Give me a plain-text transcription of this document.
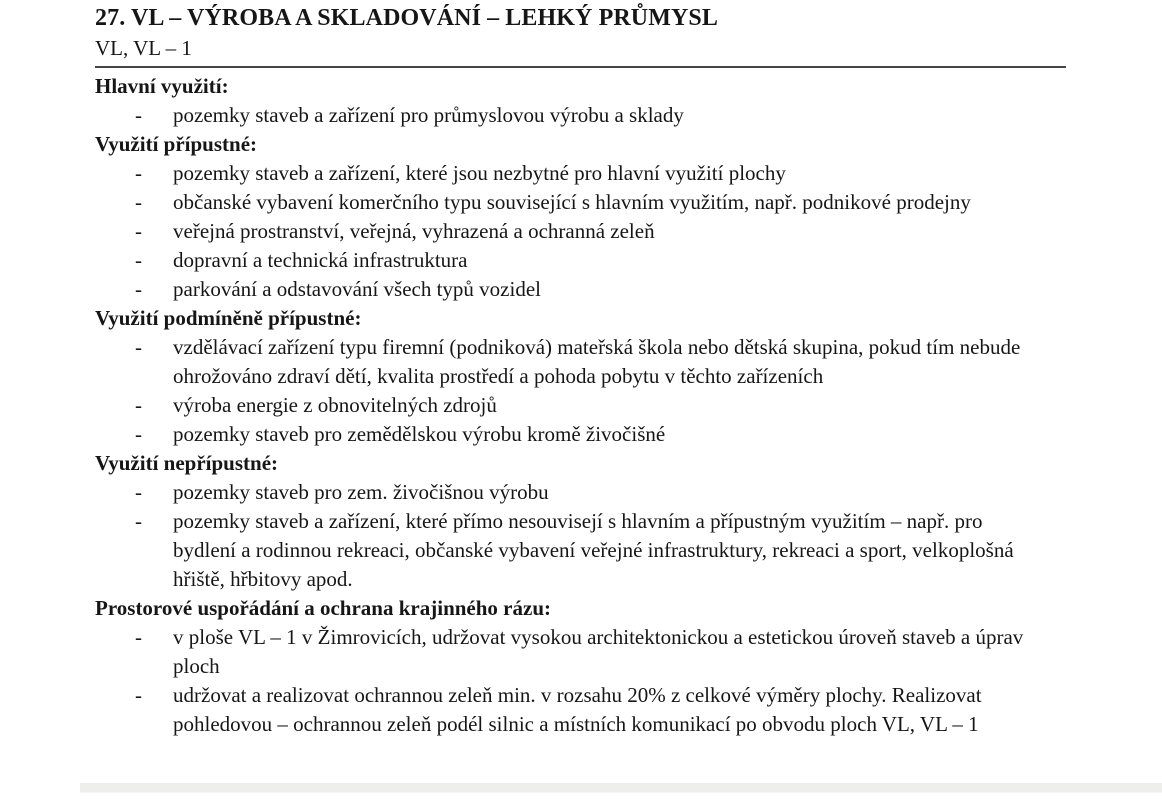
27. VL – VÝROBA A SKLADOVÁNÍ – LEHKÝ PRŮMYSL
VL, VL – 1
Hlavní využití:
-	pozemky staveb a zařízení pro průmyslovou výrobu a sklady
Využití přípustné:
-	pozemky staveb a zařízení, které jsou nezbytné pro hlavní využití plochy
-	občanské vybavení komerčního typu související s hlavním využitím, např. podnikové prodejny
-	veřejná prostranství, veřejná, vyhrazená a ochranná zeleň
-	dopravní a technická infrastruktura
-	parkování a odstavování všech typů vozidel
Využití podmíněně přípustné:
-	vzdělávací zařízení typu firemní (podniková) mateřská škola nebo dětská skupina, pokud tím nebude ohrožováno zdraví dětí, kvalita prostředí a pohoda pobytu v těchto zařízeních
-	výroba energie z obnovitelných zdrojů
-	pozemky staveb pro zemědělskou výrobu kromě živočišné
Využití nepřípustné:
-	pozemky staveb pro zem. živočišnou výrobu
-	pozemky staveb a zařízení, které přímo nesouvisejí s hlavním a přípustným využitím – např. pro bydlení a rodinnou rekreaci, občanské vybavení veřejné infrastruktury, rekreaci a sport, velkoplošná hřiště, hřbitovy apod.
Prostorové uspořádání a ochrana krajinného rázu:
-	v ploše VL – 1 v Žimrovicích, udržovat vysokou architektonickou a estetickou úroveň staveb a úprav ploch
-	udržovat a realizovat ochrannou zeleň min. v rozsahu 20% z celkové výměry plochy. Realizovat pohledovou – ochrannou zeleň podél silnic a místních komunikací po obvodu ploch VL, VL – 1
